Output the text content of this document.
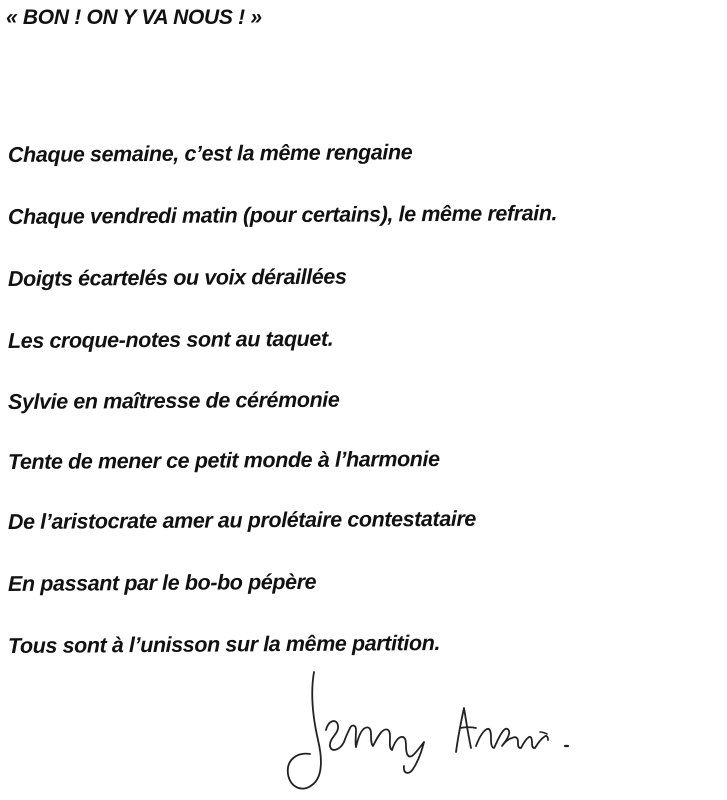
« BON ! ON Y VA NOUS ! »
Chaque semaine, c’est la même rengaine
Chaque vendredi matin (pour certains), le même refrain.
Doigts écartelés ou voix déraillées
Les croque-notes sont au taquet.
Sylvie en maîtresse de cérémonie
Tente de mener ce petit monde à l’harmonie
De l’aristocrate amer au prolétaire contestataire
En passant par le bo-bo pépère
Tous sont à l’unisson sur la même partition.
